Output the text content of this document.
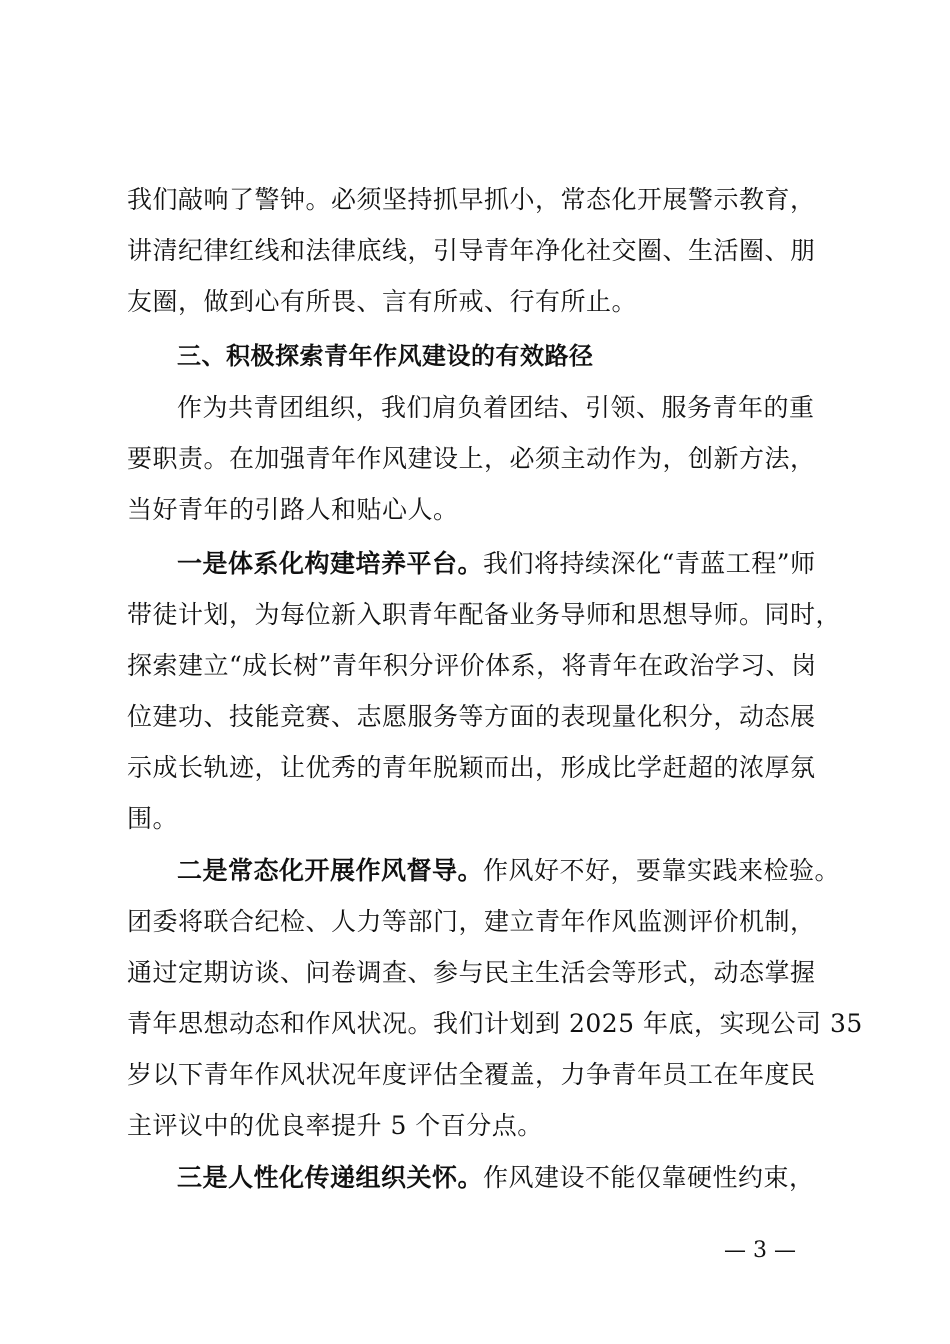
我们敲响了警钟。必须坚持抓早抓小，常态化开展警示教育，
讲清纪律红线和法律底线，引导青年净化社交圈、生活圈、朋
友圈，做到心有所畏、言有所戒、行有所止。
三、积极探索青年作风建设的有效路径
作为共青团组织，我们肩负着团结、引领、服务青年的重
要职责。在加强青年作风建设上，必须主动作为，创新方法，
当好青年的引路人和贴心人。
一是体系化构建培养平台。我们将持续深化“青蓝工程”师
带徒计划，为每位新入职青年配备业务导师和思想导师。同时，
探索建立“成长树”青年积分评价体系，将青年在政治学习、岗
位建功、技能竞赛、志愿服务等方面的表现量化积分，动态展
示成长轨迹，让优秀的青年脱颖而出，形成比学赶超的浓厚氛
围。
二是常态化开展作风督导。作风好不好，要靠实践来检验。
团委将联合纪检、人力等部门，建立青年作风监测评价机制，
通过定期访谈、问卷调查、参与民主生活会等形式，动态掌握
青年思想动态和作风状况。我们计划到 2025 年底，实现公司 35
岁以下青年作风状况年度评估全覆盖，力争青年员工在年度民
主评议中的优良率提升 5 个百分点。
三是人性化传递组织关怀。作风建设不能仅靠硬性约束，
— 3 —
